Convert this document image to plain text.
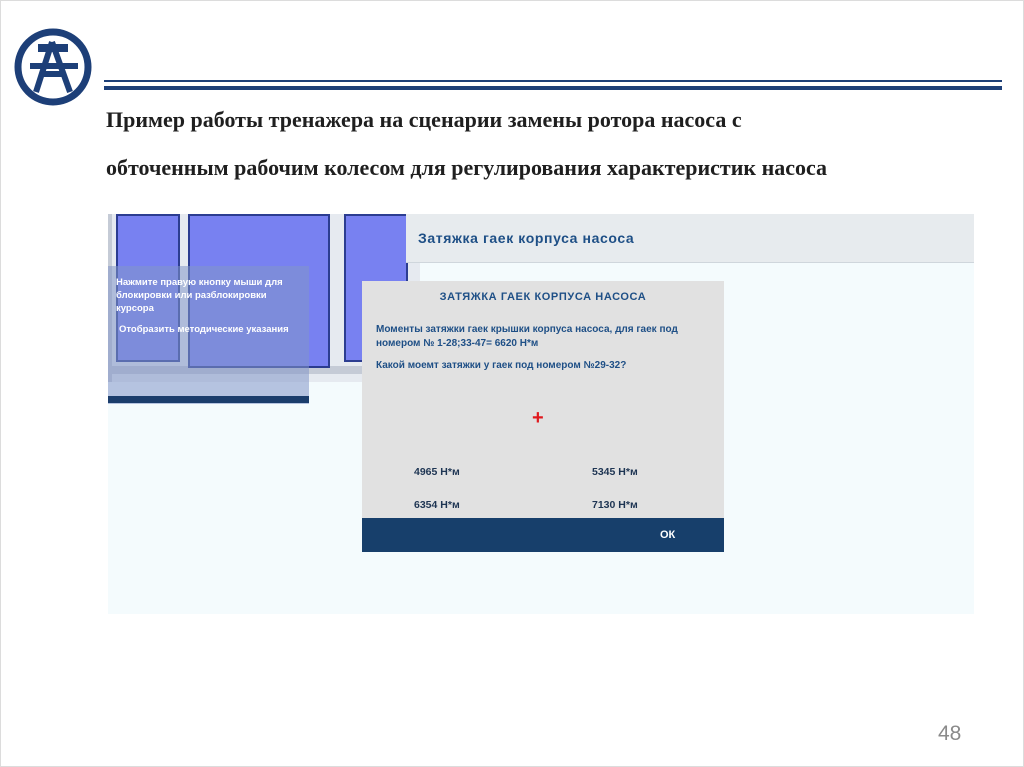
Пример работы тренажера на сценарии замены ротора насоса с
обточенным рабочим колесом для регулирования характеристик насоса
Затяжка гаек корпуса насоса
Нажмите правую кнопку мыши для блокировки или разблокировки курсора
Отобразить методические указания
ЗАТЯЖКА ГАЕК КОРПУСА НАСОСА
Моменты затяжки гаек крышки корпуса насоса, для гаек под номером № 1-28;33-47= 6620 Н*м
Какой моемт затяжки у гаек под номером №29-32?
+
4965 Н*м	5345 Н*м
6354 Н*м	7130 Н*м
ОК
48
